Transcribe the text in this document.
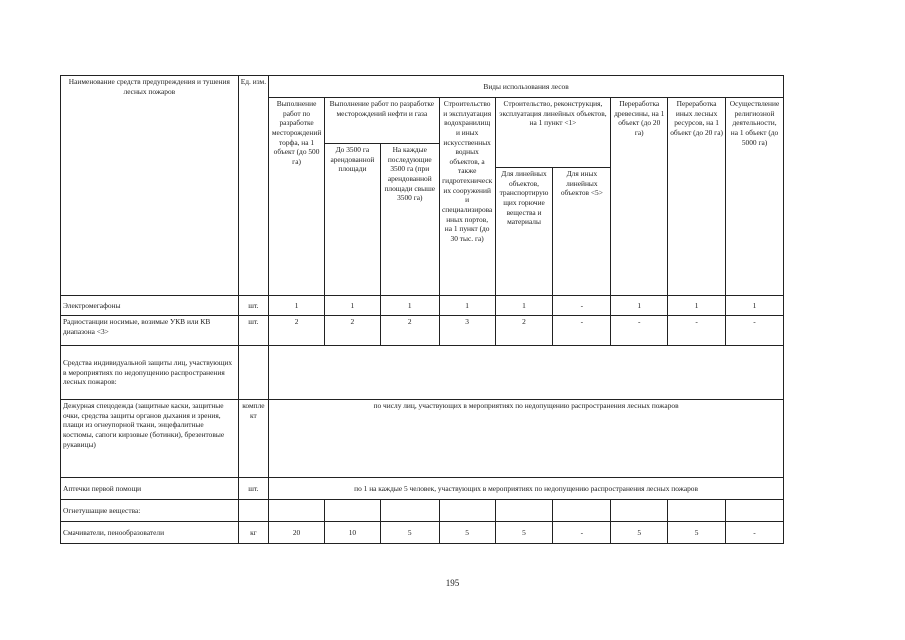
Наименование средств предупреждения и тушения лесных пожаров	Ед. изм.	Виды использования лесов								
		Выполнение работ по разработке месторождений торфа, на 1 объект (до 500 га)	Выполнение работ по разработке месторождений нефти и газа		Строительство и эксплуатация водохранилищ и иных искусственных водных объектов, а также гидротехнических сооружений и специализированных портов, на 1 пункт (до 30 тыс. га)	Строительство, реконструкция, эксплуатация линейных объектов, на 1 пункт <1>		Переработка древесины, на 1 объект (до 20 га)	Переработка иных лесных ресурсов, на 1 объект (до 20 га)	Осуществление религиозной деятельности, на 1 объект (до 5000 га)
			До 3500 га арендованной площади	На каждые последующие 3500 га (при арендованной площади свыше 3500 га)						
						Для линейных объектов, транспортирующих горючие вещества и материалы	Для иных линейных объектов <5>			
Электромегафоны	шт.	1	1	1	1	1	-	1	1	1
Радиостанции носимые, возимые УКВ или КВ диапазона <3>	шт.	2	2	2	3	2	-	-	-	-
Средства индивидуальной защиты лиц, участвующих в мероприятиях по недопущению распространения лесных пожаров:										
Дежурная спецодежда (защитные каски, защитные очки, средства защиты органов дыхания и зрения, плащи из огнеупорной ткани, энцефалитные костюмы, сапоги кирзовые (ботинки), брезентовые рукавицы)	комплект	по числу лиц, участвующих в мероприятиях по недопущению распространения лесных пожаров								
Аптечки первой помощи	шт.	по 1 на каждые 5 человек, участвующих в мероприятиях по недопущению распространения лесных пожаров								
Огнетушащие вещества:										
Смачиватели, пенообразователи	кг	20	10	5	5	5	-	5	5	-
195
